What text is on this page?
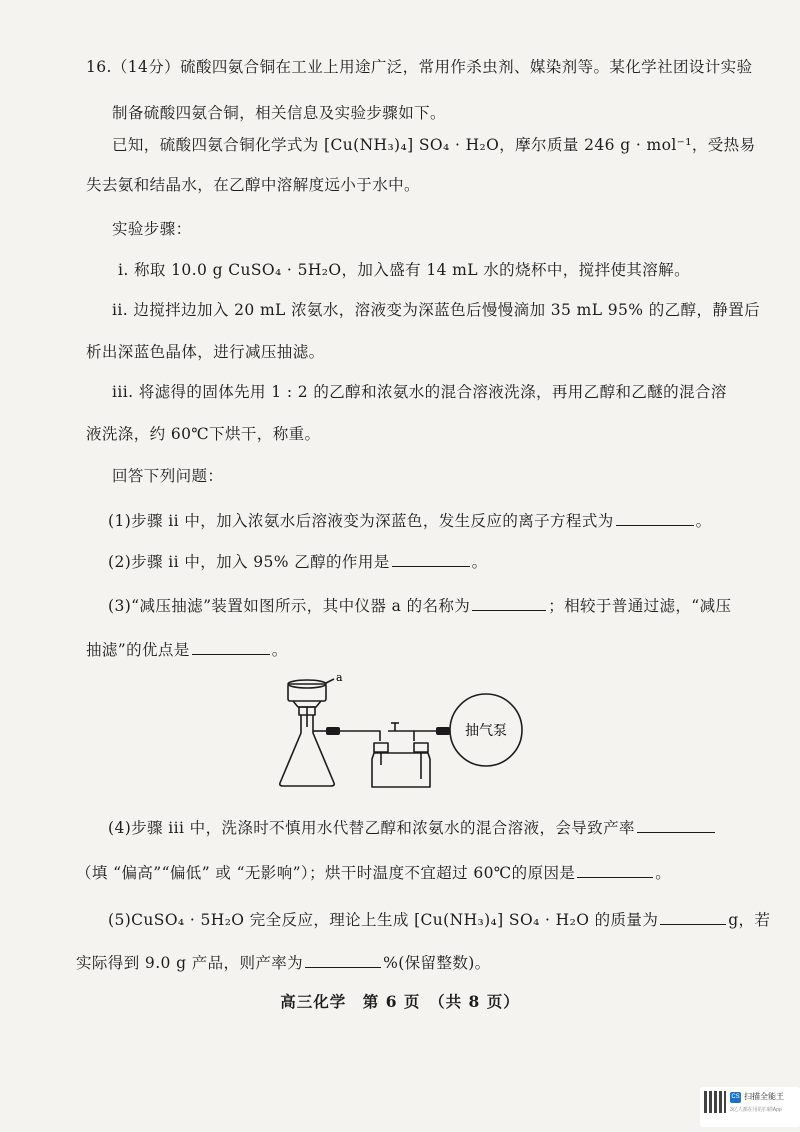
16.（14分）硫酸四氨合铜在工业上用途广泛，常用作杀虫剂、媒染剂等。某化学社团设计实验
制备硫酸四氨合铜，相关信息及实验步骤如下。
已知，硫酸四氨合铜化学式为 [Cu(NH₃)₄] SO₄ · H₂O，摩尔质量 246 g · mol⁻¹，受热易
失去氨和结晶水，在乙醇中溶解度远小于水中。
实验步骤：
i. 称取 10.0 g CuSO₄ · 5H₂O，加入盛有 14 mL 水的烧杯中，搅拌使其溶解。
ii. 边搅拌边加入 20 mL 浓氨水，溶液变为深蓝色后慢慢滴加 35 mL 95% 的乙醇，静置后
析出深蓝色晶体，进行减压抽滤。
iii. 将滤得的固体先用 1 : 2 的乙醇和浓氨水的混合溶液洗涤，再用乙醇和乙醚的混合溶
液洗涤，约 60℃下烘干，称重。
回答下列问题：
(1)步骤 ii 中，加入浓氨水后溶液变为深蓝色，发生反应的离子方程式为	。
(2)步骤 ii 中，加入 95% 乙醇的作用是	。
(3)“减压抽滤”装置如图所示，其中仪器 a 的名称为	；相较于普通过滤，“减压
抽滤”的优点是	。
a
抽气泵
(4)步骤 iii 中，洗涤时不慎用水代替乙醇和浓氨水的混合溶液，会导致产率
（填 “偏高”“偏低” 或 “无影响”）；烘干时温度不宜超过 60℃的原因是	。
(5)CuSO₄ · 5H₂O 完全反应，理论上生成 [Cu(NH₃)₄] SO₄ · H₂O 的质量为	g，若
实际得到 9.0 g 产品，则产率为	%(保留整数)。
高三化学　第 6 页　（共 8 页）
CS 扫描全能王
3亿人都在用的扫描App
